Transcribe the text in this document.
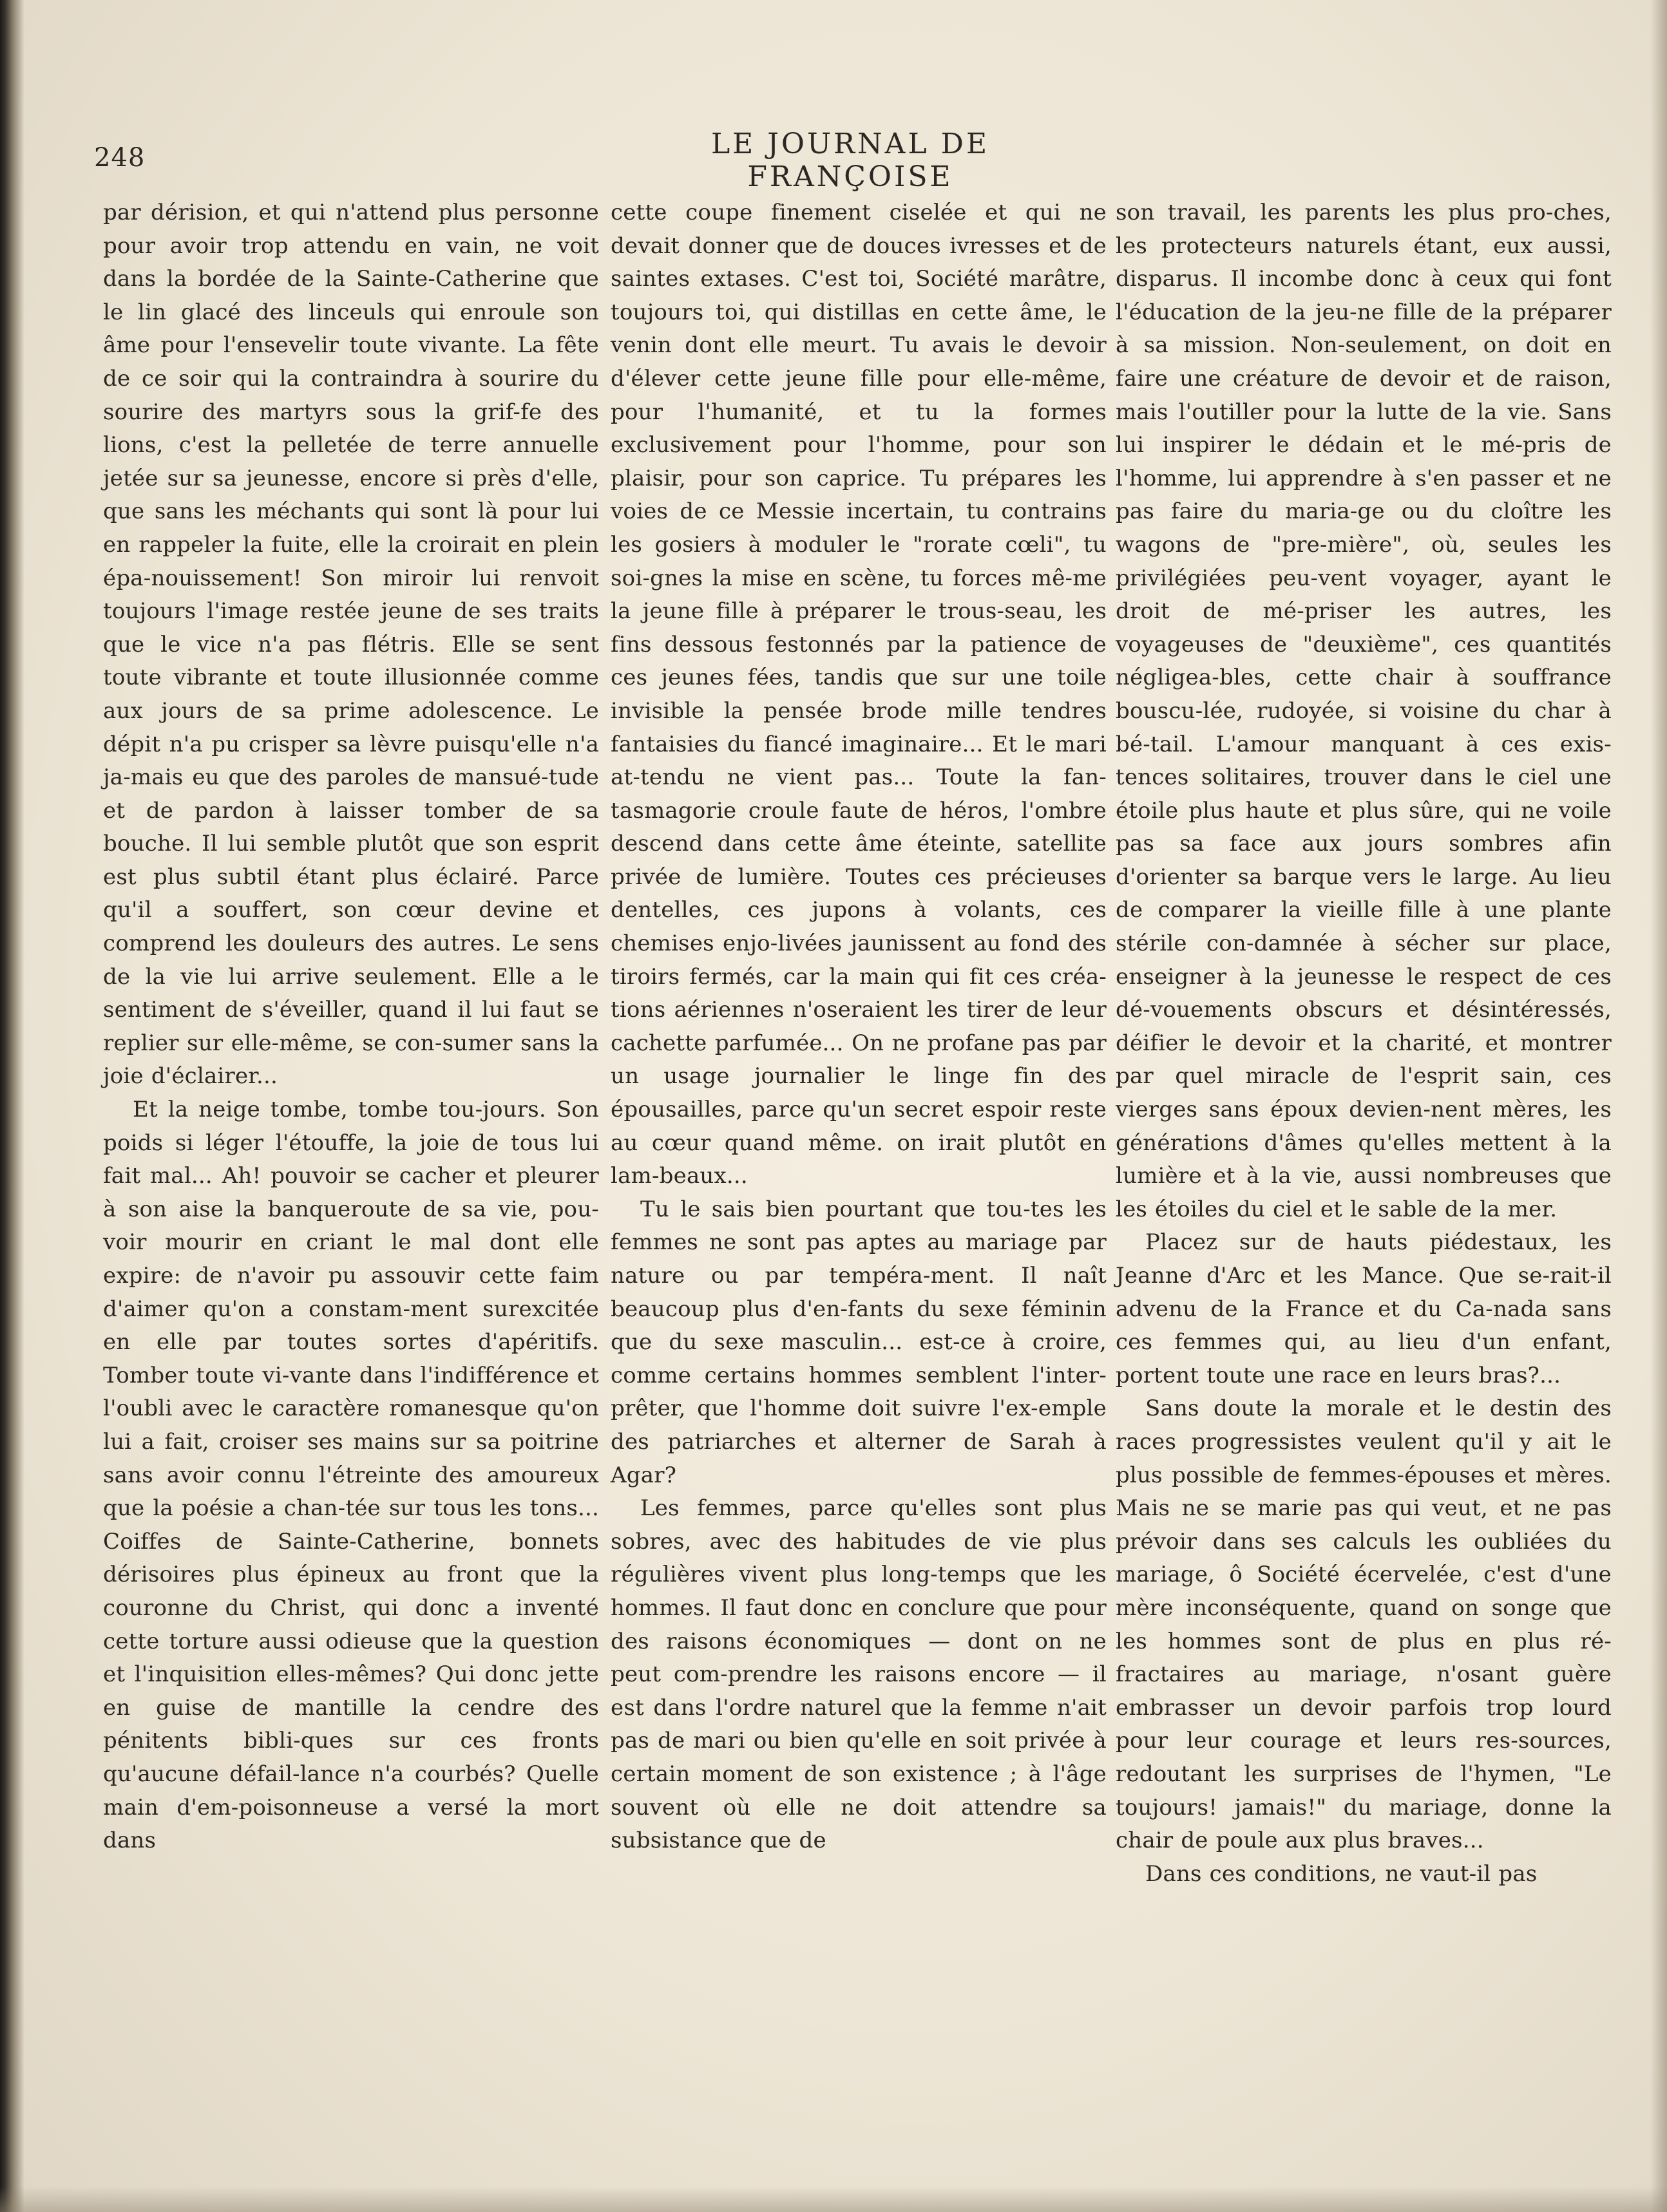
248	LE JOURNAL DE FRANÇOISE

par dérision, et qui n'attend plus personne pour avoir trop attendu en vain, ne voit dans la bordée de la Sainte-Catherine que le lin glacé des linceuls qui enroule son âme pour l'ensevelir toute vivante. La fête de ce soir qui la contraindra à sourire du sourire des martyrs sous la grif-fe des lions, c'est la pelletée de terre annuelle jetée sur sa jeunesse, encore si près d'elle, que sans les méchants qui sont là pour lui en rappeler la fuite, elle la croirait en plein épa-nouissement! Son miroir lui renvoit toujours l'image restée jeune de ses traits que le vice n'a pas flétris. Elle se sent toute vibrante et toute illusionnée comme aux jours de sa prime adolescence. Le dépit n'a pu crisper sa lèvre puisqu'elle n'a ja-mais eu que des paroles de mansué-tude et de pardon à laisser tomber de sa bouche. Il lui semble plutôt que son esprit est plus subtil étant plus éclairé. Parce qu'il a souffert, son cœur devine et comprend les douleurs des autres. Le sens de la vie lui arrive seulement. Elle a le sentiment de s'éveiller, quand il lui faut se replier sur elle-même, se con-sumer sans la joie d'éclairer...

Et la neige tombe, tombe tou-jours. Son poids si léger l'étouffe, la joie de tous lui fait mal... Ah! pouvoir se cacher et pleurer à son aise la banqueroute de sa vie, pou-voir mourir en criant le mal dont elle expire: de n'avoir pu assouvir cette faim d'aimer qu'on a constam-ment surexcitée en elle par toutes sortes d'apéritifs. Tomber toute vi-vante dans l'indifférence et l'oubli avec le caractère romanesque qu'on lui a fait, croiser ses mains sur sa poitrine sans avoir connu l'étreinte des amoureux que la poésie a chan-tée sur tous les tons... Coiffes de Sainte-Catherine, bonnets dérisoires plus épineux au front que la couronne du Christ, qui donc a inventé cette torture aussi odieuse que la question et l'inquisition elles-mêmes? Qui donc jette en guise de mantille la cendre des pénitents bibli-ques sur ces fronts qu'aucune défail-lance n'a courbés? Quelle main d'em-poisonneuse a versé la mort dans

cette coupe finement ciselée et qui ne devait donner que de douces ivresses et de saintes extases. C'est toi, Société marâtre, toujours toi, qui distillas en cette âme, le venin dont elle meurt. Tu avais le devoir d'élever cette jeune fille pour elle-même, pour l'humanité, et tu la formes exclusivement pour l'homme, pour son plaisir, pour son caprice. Tu prépares les voies de ce Messie incertain, tu contrains les gosiers à moduler le "rorate cœli", tu soi-gnes la mise en scène, tu forces mê-me la jeune fille à préparer le trous-seau, les fins dessous festonnés par la patience de ces jeunes fées, tandis que sur une toile invisible la pensée brode mille tendres fantaisies du fiancé imaginaire... Et le mari at-tendu ne vient pas... Toute la fan-tasmagorie croule faute de héros, l'ombre descend dans cette âme éteinte, satellite privée de lumière. Toutes ces précieuses dentelles, ces jupons à volants, ces chemises enjo-livées jaunissent au fond des tiroirs fermés, car la main qui fit ces créa-tions aériennes n'oseraient les tirer de leur cachette parfumée... On ne profane pas par un usage journalier le linge fin des épousailles, parce qu'un secret espoir reste au cœur quand même. on irait plutôt en lam-beaux...

Tu le sais bien pourtant que tou-tes les femmes ne sont pas aptes au mariage par nature ou par tempéra-ment. Il naît beaucoup plus d'en-fants du sexe féminin que du sexe masculin... est-ce à croire, comme certains hommes semblent l'inter-prêter, que l'homme doit suivre l'ex-emple des patriarches et alterner de Sarah à Agar?

Les femmes, parce qu'elles sont plus sobres, avec des habitudes de vie plus régulières vivent plus long-temps que les hommes. Il faut donc en conclure que pour des raisons économiques — dont on ne peut com-prendre les raisons encore — il est dans l'ordre naturel que la femme n'ait pas de mari ou bien qu'elle en soit privée à certain moment de son existence ; à l'âge souvent où elle ne doit attendre sa subsistance que de

son travail, les parents les plus pro-ches, les protecteurs naturels étant, eux aussi, disparus. Il incombe donc à ceux qui font l'éducation de la jeu-ne fille de la préparer à sa mission. Non-seulement, on doit en faire une créature de devoir et de raison, mais l'outiller pour la lutte de la vie. Sans lui inspirer le dédain et le mé-pris de l'homme, lui apprendre à s'en passer et ne pas faire du maria-ge ou du cloître les wagons de "pre-mière", où, seules les privilégiées peu-vent voyager, ayant le droit de mé-priser les autres, les voyageuses de "deuxième", ces quantités négligea-bles, cette chair à souffrance bouscu-lée, rudoyée, si voisine du char à bé-tail. L'amour manquant à ces exis-tences solitaires, trouver dans le ciel une étoile plus haute et plus sûre, qui ne voile pas sa face aux jours sombres afin d'orienter sa barque vers le large. Au lieu de comparer la vieille fille à une plante stérile con-damnée à sécher sur place, enseigner à la jeunesse le respect de ces dé-vouements obscurs et désintéressés, déifier le devoir et la charité, et montrer par quel miracle de l'esprit sain, ces vierges sans époux devien-nent mères, les générations d'âmes qu'elles mettent à la lumière et à la vie, aussi nombreuses que les étoiles du ciel et le sable de la mer.

Placez sur de hauts piédestaux, les Jeanne d'Arc et les Mance. Que se-rait-il advenu de la France et du Ca-nada sans ces femmes qui, au lieu d'un enfant, portent toute une race en leurs bras?...

Sans doute la morale et le destin des races progressistes veulent qu'il y ait le plus possible de femmes-épouses et mères. Mais ne se marie pas qui veut, et ne pas prévoir dans ses calculs les oubliées du mariage, ô Société écervelée, c'est d'une mère inconséquente, quand on songe que les hommes sont de plus en plus ré-fractaires au mariage, n'osant guère embrasser un devoir parfois trop lourd pour leur courage et leurs res-sources, redoutant les surprises de l'hymen, "Le toujours! jamais!" du mariage, donne la chair de poule aux plus braves...

Dans ces conditions, ne vaut-il pas
